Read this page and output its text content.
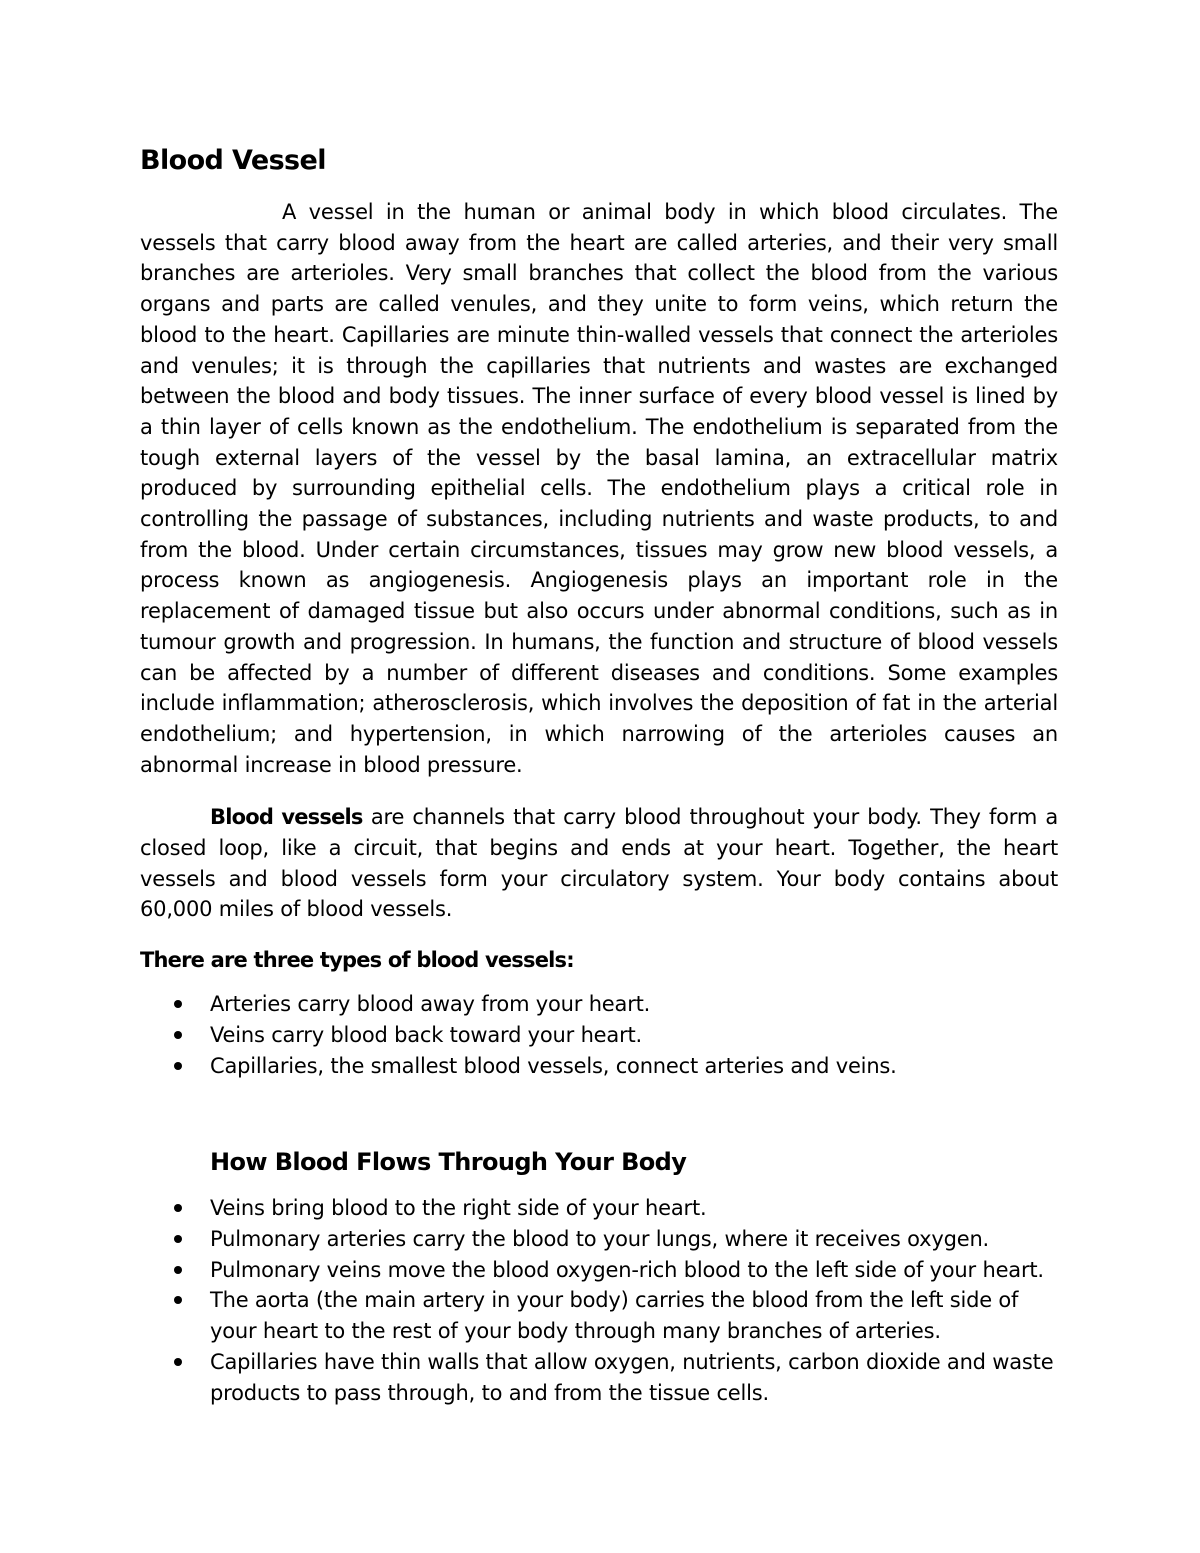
Blood Vessel

A vessel in the human or animal body in which blood circulates. The vessels that carry blood away from the heart are called arteries, and their very small branches are arterioles. Very small branches that collect the blood from the various organs and parts are called venules, and they unite to form veins, which return the blood to the heart. Capillaries are minute thin-walled vessels that connect the arterioles and venules; it is through the capillaries that nutrients and wastes are exchanged between the blood and body tissues. The inner surface of every blood vessel is lined by a thin layer of cells known as the endothelium. The endothelium is separated from the tough external layers of the vessel by the basal lamina, an extracellular matrix produced by surrounding epithelial cells. The endothelium plays a critical role in controlling the passage of substances, including nutrients and waste products, to and from the blood. Under certain circumstances, tissues may grow new blood vessels, a process known as angiogenesis. Angiogenesis plays an important role in the replacement of damaged tissue but also occurs under abnormal conditions, such as in tumour growth and progression. In humans, the function and structure of blood vessels can be affected by a number of different diseases and conditions. Some examples include inflammation; atherosclerosis, which involves the deposition of fat in the arterial endothelium; and hypertension, in which narrowing of the arterioles causes an abnormal increase in blood pressure.

Blood vessels are channels that carry blood throughout your body. They form a closed loop, like a circuit, that begins and ends at your heart. Together, the heart vessels and blood vessels form your circulatory system. Your body contains about 60,000 miles of blood vessels.

There are three types of blood vessels:
Arteries carry blood away from your heart.
Veins carry blood back toward your heart.
Capillaries, the smallest blood vessels, connect arteries and veins.
How Blood Flows Through Your Body
Veins bring blood to the right side of your heart.
Pulmonary arteries carry the blood to your lungs, where it receives oxygen.
Pulmonary veins move the blood oxygen-rich blood to the left side of your heart.
The aorta (the main artery in your body) carries the blood from the left side of your heart to the rest of your body through many branches of arteries.
Capillaries have thin walls that allow oxygen, nutrients, carbon dioxide and waste products to pass through, to and from the tissue cells.
